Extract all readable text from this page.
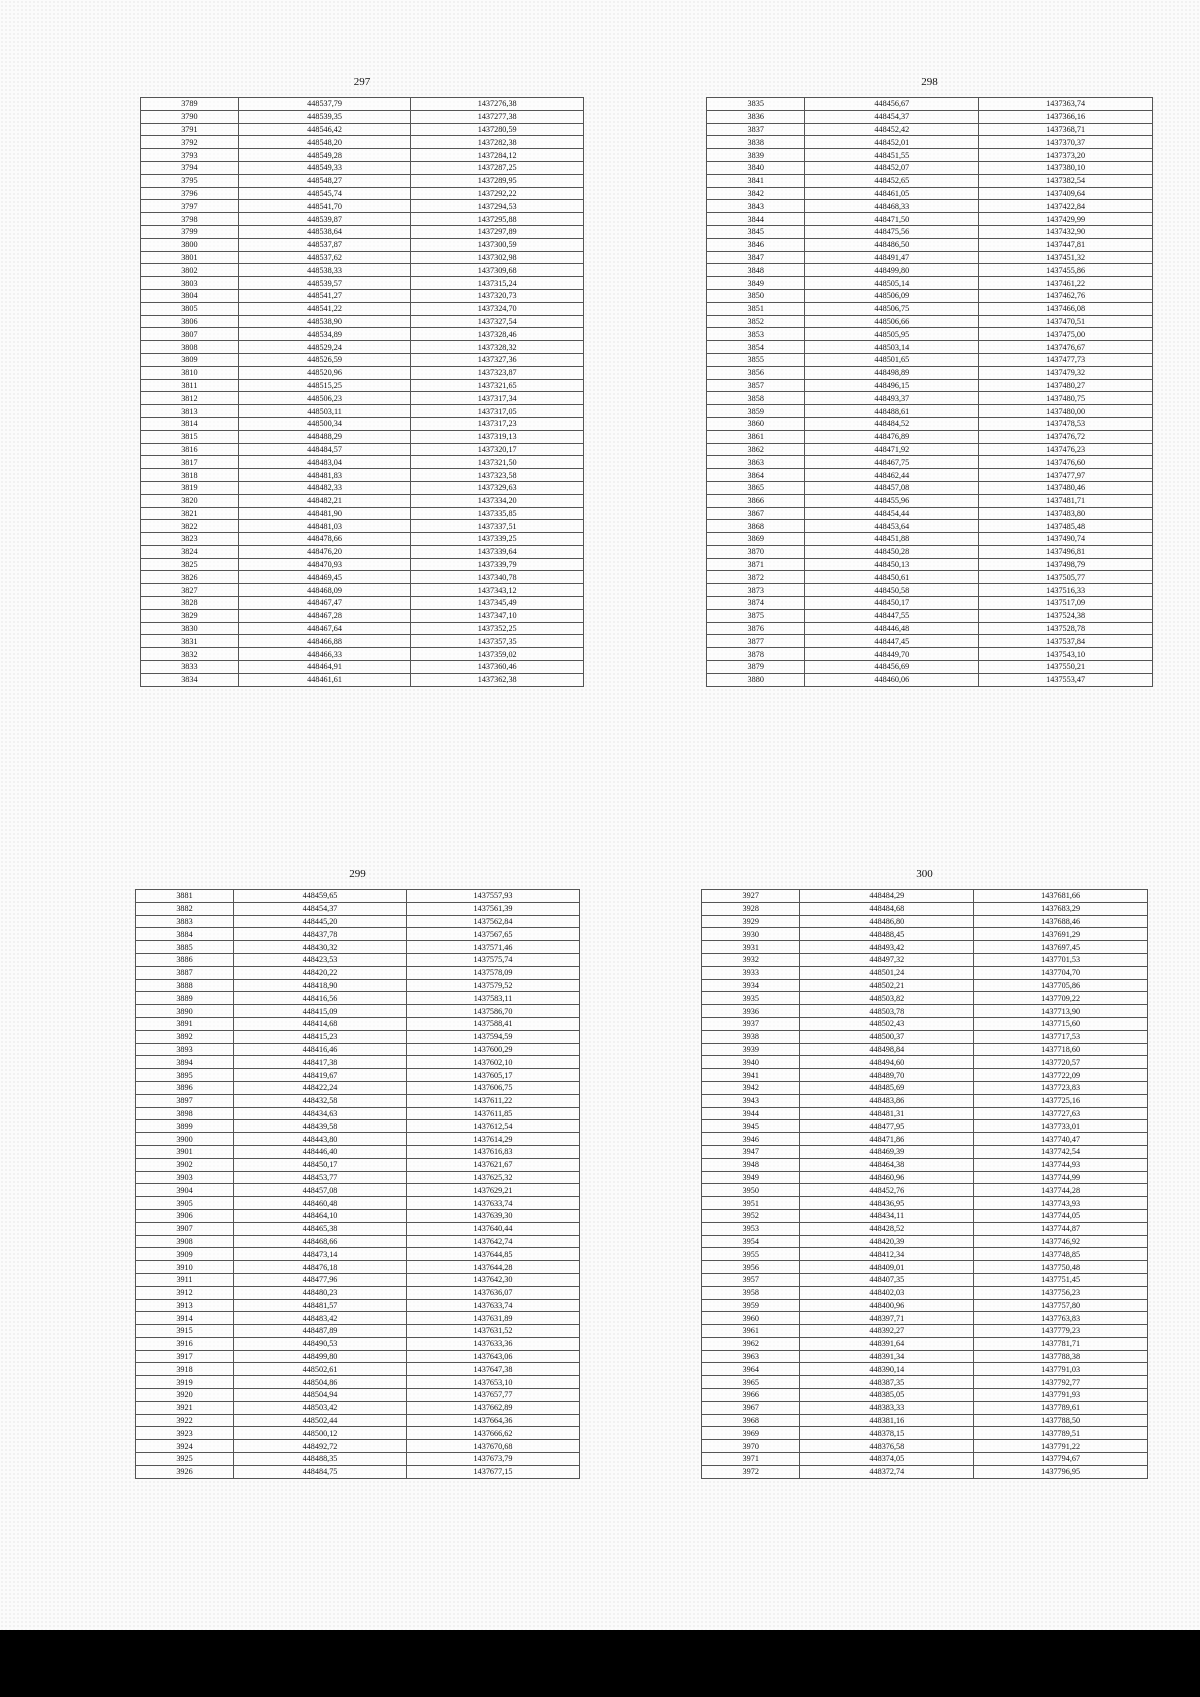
297
3789	448537,79	1437276,38
3790	448539,35	1437277,38
3791	448546,42	1437280,59
3792	448548,20	1437282,38
3793	448549,28	1437284,12
3794	448549,33	1437287,25
3795	448548,27	1437289,95
3796	448545,74	1437292,22
3797	448541,70	1437294,53
3798	448539,87	1437295,88
3799	448538,64	1437297,89
3800	448537,87	1437300,59
3801	448537,62	1437302,98
3802	448538,33	1437309,68
3803	448539,57	1437315,24
3804	448541,27	1437320,73
3805	448541,22	1437324,70
3806	448538,90	1437327,54
3807	448534,89	1437328,46
3808	448529,24	1437328,32
3809	448526,59	1437327,36
3810	448520,96	1437323,87
3811	448515,25	1437321,65
3812	448506,23	1437317,34
3813	448503,11	1437317,05
3814	448500,34	1437317,23
3815	448488,29	1437319,13
3816	448484,57	1437320,17
3817	448483,04	1437321,50
3818	448481,83	1437323,58
3819	448482,33	1437329,63
3820	448482,21	1437334,20
3821	448481,90	1437335,85
3822	448481,03	1437337,51
3823	448478,66	1437339,25
3824	448476,20	1437339,64
3825	448470,93	1437339,79
3826	448469,45	1437340,78
3827	448468,09	1437343,12
3828	448467,47	1437345,49
3829	448467,28	1437347,10
3830	448467,64	1437352,25
3831	448466,88	1437357,35
3832	448466,33	1437359,02
3833	448464,91	1437360,46
3834	448461,61	1437362,38
298
3835	448456,67	1437363,74
3836	448454,37	1437366,16
3837	448452,42	1437368,71
3838	448452,01	1437370,37
3839	448451,55	1437373,20
3840	448452,07	1437380,10
3841	448452,65	1437382,54
3842	448461,05	1437409,64
3843	448468,33	1437422,84
3844	448471,50	1437429,99
3845	448475,56	1437432,90
3846	448486,50	1437447,81
3847	448491,47	1437451,32
3848	448499,80	1437455,86
3849	448505,14	1437461,22
3850	448506,09	1437462,76
3851	448506,75	1437466,08
3852	448506,66	1437470,51
3853	448505,95	1437475,00
3854	448503,14	1437476,67
3855	448501,65	1437477,73
3856	448498,89	1437479,32
3857	448496,15	1437480,27
3858	448493,37	1437480,75
3859	448488,61	1437480,00
3860	448484,52	1437478,53
3861	448476,89	1437476,72
3862	448471,92	1437476,23
3863	448467,75	1437476,60
3864	448462,44	1437477,97
3865	448457,08	1437480,46
3866	448455,96	1437481,71
3867	448454,44	1437483,80
3868	448453,64	1437485,48
3869	448451,88	1437490,74
3870	448450,28	1437496,81
3871	448450,13	1437498,79
3872	448450,61	1437505,77
3873	448450,58	1437516,33
3874	448450,17	1437517,09
3875	448447,55	1437524,38
3876	448446,48	1437528,78
3877	448447,45	1437537,84
3878	448449,70	1437543,10
3879	448456,69	1437550,21
3880	448460,06	1437553,47
299
3881	448459,65	1437557,93
3882	448454,37	1437561,39
3883	448445,20	1437562,84
3884	448437,78	1437567,65
3885	448430,32	1437571,46
3886	448423,53	1437575,74
3887	448420,22	1437578,09
3888	448418,90	1437579,52
3889	448416,56	1437583,11
3890	448415,09	1437586,70
3891	448414,68	1437588,41
3892	448415,23	1437594,59
3893	448416,46	1437600,29
3894	448417,38	1437602,10
3895	448419,67	1437605,17
3896	448422,24	1437606,75
3897	448432,58	1437611,22
3898	448434,63	1437611,85
3899	448439,58	1437612,54
3900	448443,80	1437614,29
3901	448446,40	1437616,83
3902	448450,17	1437621,67
3903	448453,77	1437625,32
3904	448457,08	1437629,21
3905	448460,48	1437633,74
3906	448464,10	1437639,30
3907	448465,38	1437640,44
3908	448468,66	1437642,74
3909	448473,14	1437644,85
3910	448476,18	1437644,28
3911	448477,96	1437642,30
3912	448480,23	1437636,07
3913	448481,57	1437633,74
3914	448483,42	1437631,89
3915	448487,89	1437631,52
3916	448490,53	1437633,36
3917	448499,80	1437643,06
3918	448502,61	1437647,38
3919	448504,86	1437653,10
3920	448504,94	1437657,77
3921	448503,42	1437662,89
3922	448502,44	1437664,36
3923	448500,12	1437666,62
3924	448492,72	1437670,68
3925	448488,35	1437673,79
3926	448484,75	1437677,15
300
3927	448484,29	1437681,66
3928	448484,68	1437683,29
3929	448486,80	1437688,46
3930	448488,45	1437691,29
3931	448493,42	1437697,45
3932	448497,32	1437701,53
3933	448501,24	1437704,70
3934	448502,21	1437705,86
3935	448503,82	1437709,22
3936	448503,78	1437713,90
3937	448502,43	1437715,60
3938	448500,37	1437717,53
3939	448498,84	1437718,60
3940	448494,60	1437720,57
3941	448489,70	1437722,09
3942	448485,69	1437723,83
3943	448483,86	1437725,16
3944	448481,31	1437727,63
3945	448477,95	1437733,01
3946	448471,86	1437740,47
3947	448469,39	1437742,54
3948	448464,38	1437744,93
3949	448460,96	1437744,99
3950	448452,76	1437744,28
3951	448436,95	1437743,93
3952	448434,11	1437744,05
3953	448428,52	1437744,87
3954	448420,39	1437746,92
3955	448412,34	1437748,85
3956	448409,01	1437750,48
3957	448407,35	1437751,45
3958	448402,03	1437756,23
3959	448400,96	1437757,80
3960	448397,71	1437763,83
3961	448392,27	1437779,23
3962	448391,64	1437781,71
3963	448391,34	1437788,38
3964	448390,14	1437791,03
3965	448387,35	1437792,77
3966	448385,05	1437791,93
3967	448383,33	1437789,61
3968	448381,16	1437788,50
3969	448378,15	1437789,51
3970	448376,58	1437791,22
3971	448374,05	1437794,67
3972	448372,74	1437796,95
